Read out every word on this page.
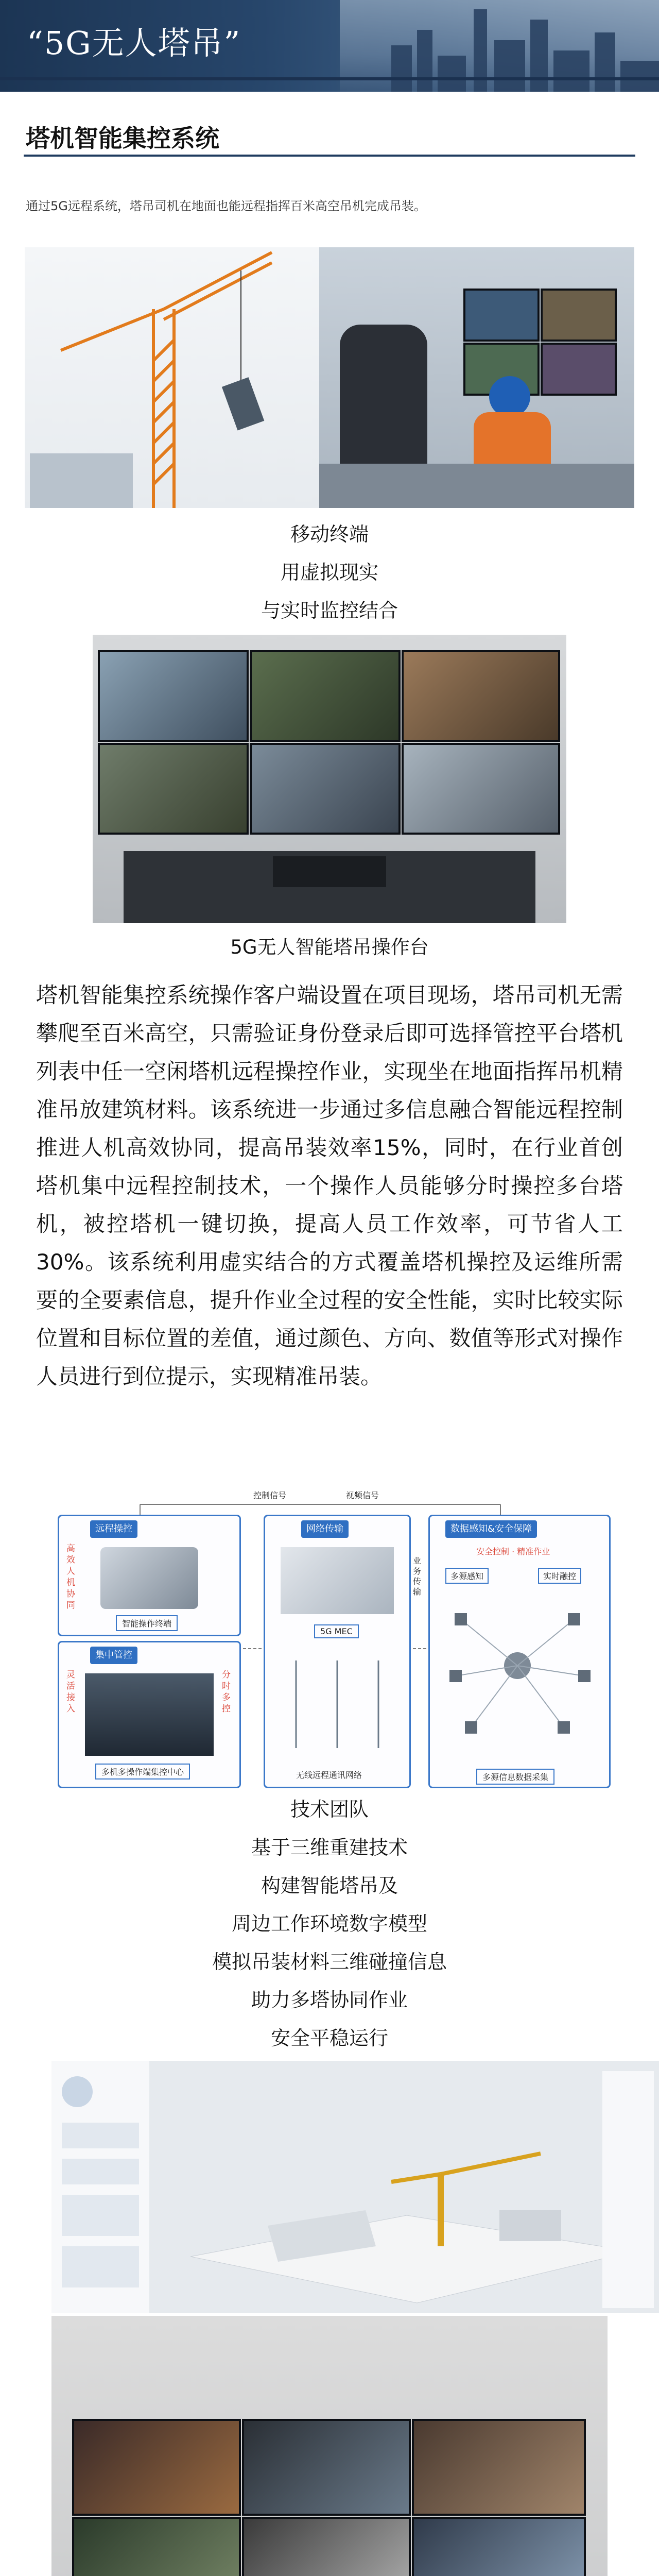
“5G无人塔吊”
塔机智能集控系统
通过5G远程系统，塔吊司机在地面也能远程指挥百米高空吊机完成吊装。
移动终端
用虚拟现实
与实时监控结合
5G无人智能塔吊操作台
塔机智能集控系统操作客户端设置在项目现场，塔吊司机无需攀爬至百米高空，只需验证身份登录后即可选择管控平台塔机列表中任一空闲塔机远程操控作业，实现坐在地面指挥吊机精准吊放建筑材料。该系统进一步通过多信息融合智能远程控制推进人机高效协同，提高吊装效率15%，同时，在行业首创塔机集中远程控制技术，一个操作人员能够分时操控多台塔机，被控塔机一键切换，提高人员工作效率，可节省人工30%。该系统利用虚实结合的方式覆盖塔机操控及运维所需要的全要素信息，提升作业全过程的安全性能，实时比较实际位置和目标位置的差值，通过颜色、方向、数值等形式对操作人员进行到位提示，实现精准吊装。
控制信号	视频信号
远程操控
高效人机协同
智能操作终端
集中管控
灵活接入
分时多控
多机多操作端集控中心
网络传输
5G MEC
无线远程通讯网络
业务传输
数据感知&安全保障
安全控制 · 精准作业
多源感知	实时融控
多源信息数据采集
技术团队
基于三维重建技术
构建智能塔吊及
周边工作环境数字模型
模拟吊装材料三维碰撞信息
助力多塔协同作业
安全平稳运行
